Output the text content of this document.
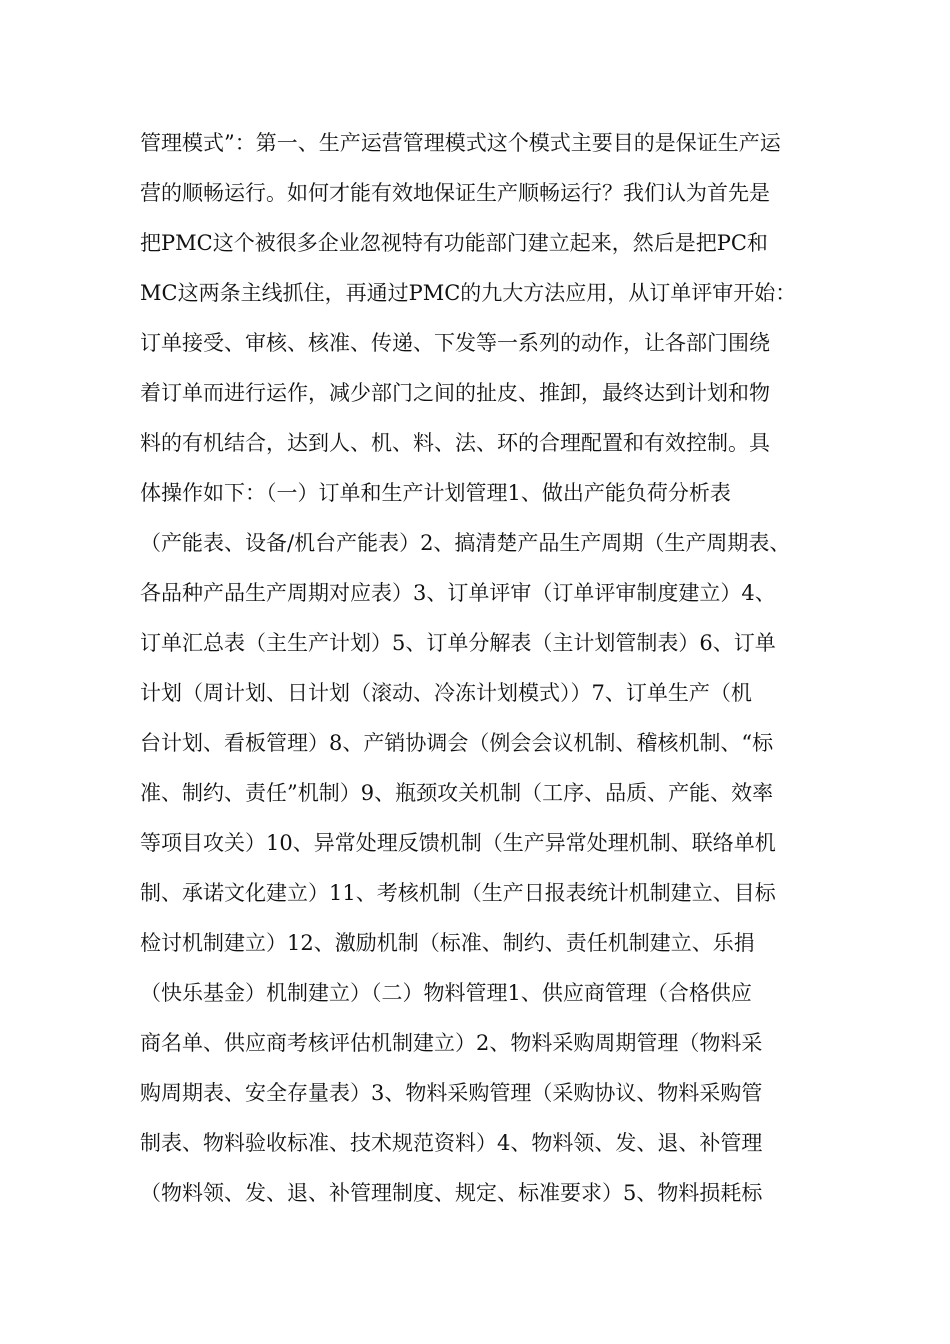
管理模式”：第一、生产运营管理模式这个模式主要目的是保证生产运
营的顺畅运行。如何才能有效地保证生产顺畅运行？我们认为首先是
把PMC这个被很多企业忽视特有功能部门建立起来，然后是把PC和
MC这两条主线抓住，再通过PMC的九大方法应用，从订单评审开始：
订单接受、审核、核准、传递、下发等一系列的动作，让各部门围绕
着订单而进行运作，减少部门之间的扯皮、推卸，最终达到计划和物
料的有机结合，达到人、机、料、法、环的合理配置和有效控制。具
体操作如下：（一）订单和生产计划管理1、做出产能负荷分析表
（产能表、设备/机台产能表）2、搞清楚产品生产周期（生产周期表、
各品种产品生产周期对应表）3、订单评审（订单评审制度建立）4、
订单汇总表（主生产计划）5、订单分解表（主计划管制表）6、订单
计划（周计划、日计划（滚动、冷冻计划模式））7、订单生产（机
台计划、看板管理）8、产销协调会（例会会议机制、稽核机制、“标
准、制约、责任”机制）9、瓶颈攻关机制（工序、品质、产能、效率
等项目攻关）10、异常处理反馈机制（生产异常处理机制、联络单机
制、承诺文化建立）11、考核机制（生产日报表统计机制建立、目标
检讨机制建立）12、激励机制（标准、制约、责任机制建立、乐捐
（快乐基金）机制建立）（二）物料管理1、供应商管理（合格供应
商名单、供应商考核评估机制建立）2、物料采购周期管理（物料采
购周期表、安全存量表）3、物料采购管理（采购协议、物料采购管
制表、物料验收标准、技术规范资料）4、物料领、发、退、补管理
（物料领、发、退、补管理制度、规定、标准要求）5、物料损耗标
